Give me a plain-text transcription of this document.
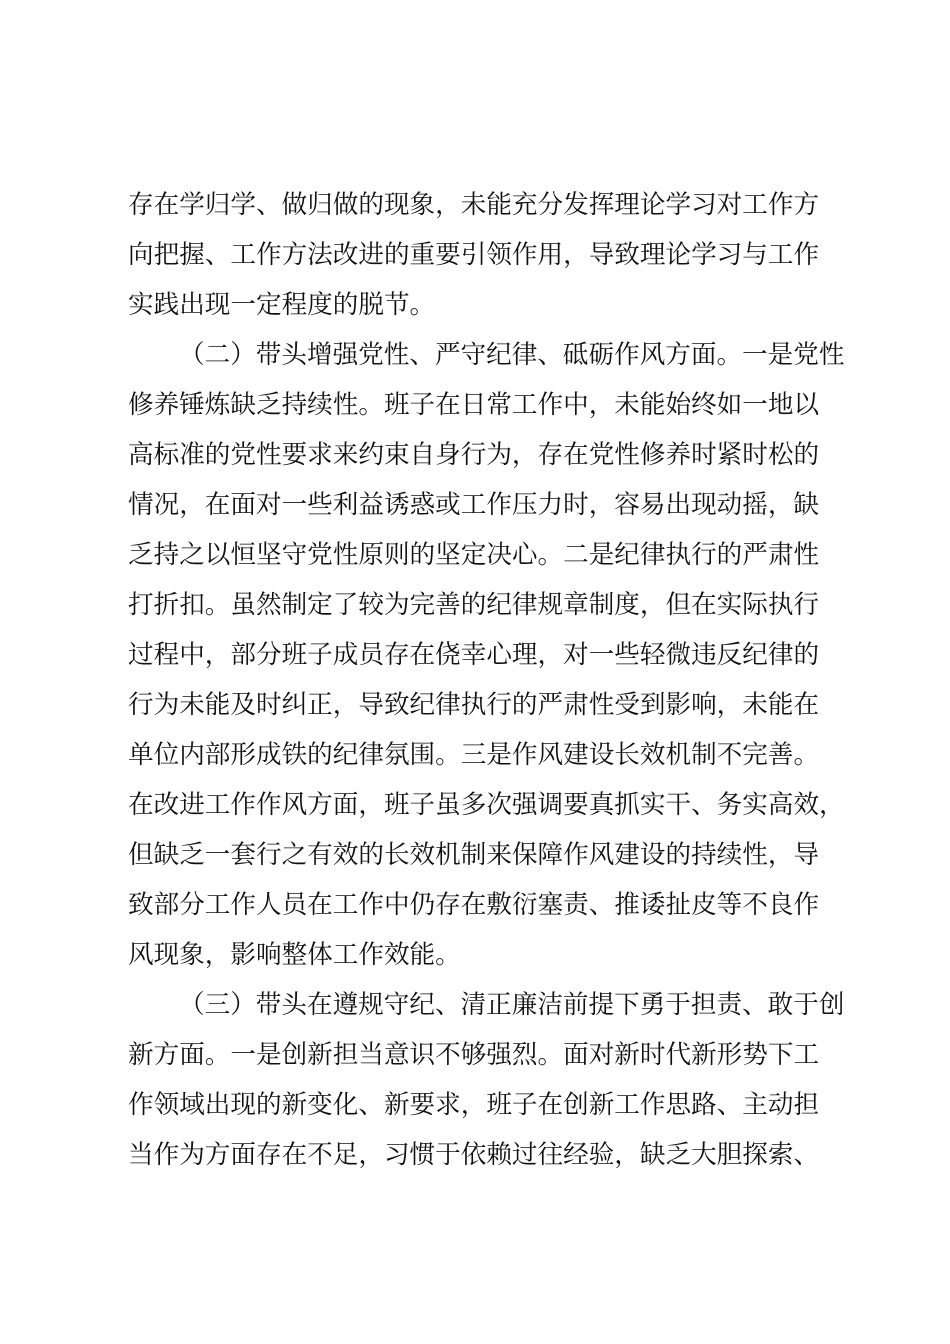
存在学归学、做归做的现象，未能充分发挥理论学习对工作方
向把握、工作方法改进的重要引领作用，导致理论学习与工作
实践出现一定程度的脱节。
（二）带头增强党性、严守纪律、砥砺作风方面。一是党性
修养锤炼缺乏持续性。班子在日常工作中，未能始终如一地以
高标准的党性要求来约束自身行为，存在党性修养时紧时松的
情况，在面对一些利益诱惑或工作压力时，容易出现动摇，缺
乏持之以恒坚守党性原则的坚定决心。二是纪律执行的严肃性
打折扣。虽然制定了较为完善的纪律规章制度，但在实际执行
过程中，部分班子成员存在侥幸心理，对一些轻微违反纪律的
行为未能及时纠正，导致纪律执行的严肃性受到影响，未能在
单位内部形成铁的纪律氛围。三是作风建设长效机制不完善。
在改进工作作风方面，班子虽多次强调要真抓实干、务实高效，
但缺乏一套行之有效的长效机制来保障作风建设的持续性，导
致部分工作人员在工作中仍存在敷衍塞责、推诿扯皮等不良作
风现象，影响整体工作效能。
（三）带头在遵规守纪、清正廉洁前提下勇于担责、敢于创
新方面。一是创新担当意识不够强烈。面对新时代新形势下工
作领域出现的新变化、新要求，班子在创新工作思路、主动担
当作为方面存在不足，习惯于依赖过往经验，缺乏大胆探索、
